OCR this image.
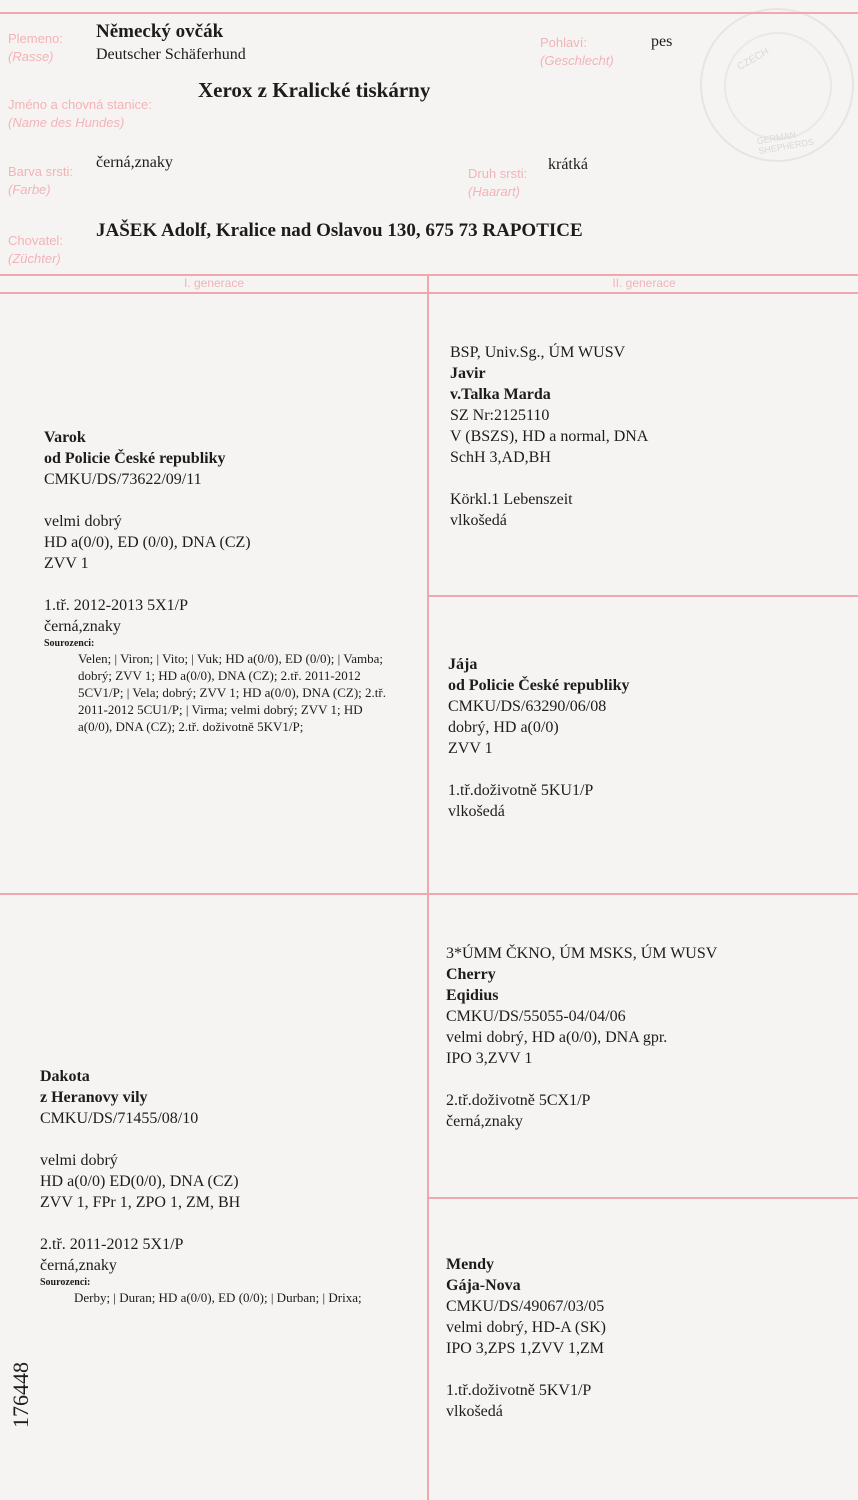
CZECH
GERMAN SHEPHERDS
Plemeno:
(Rasse)
Německý ovčák
Deutscher Schäferhund
Pohlaví:
(Geschlecht)
pes
Jméno a chovná stanice:
(Name des Hundes)
Xerox z Kralické tiskárny
Barva srsti:
(Farbe)
černá,znaky
Druh srsti:
(Haarart)
krátká
Chovatel:
(Züchter)
JAŠEK Adolf, Kralice nad Oslavou 130, 675 73 RAPOTICE
I. generace	II. generace
Varok
od Policie České republiky
CMKU/DS/73622/09/11
velmi dobrý
HD a(0/0), ED (0/0), DNA (CZ)
ZVV 1
1.tř. 2012-2013 5X1/P
černá,znaky
Sourozenci:
Velen; | Viron; | Vito; | Vuk; HD a(0/0), ED (0/0); | Vamba; dobrý; ZVV 1; HD a(0/0), DNA (CZ); 2.tř. 2011-2012 5CV1/P; | Vela; dobrý; ZVV 1; HD a(0/0), DNA (CZ); 2.tř. 2011-2012 5CU1/P; | Virma; velmi dobrý; ZVV 1; HD a(0/0), DNA (CZ); 2.tř. doživotně 5KV1/P;
BSP, Univ.Sg., ÚM WUSV
Javir
v.Talka Marda
SZ Nr:2125110
V (BSZS), HD a normal, DNA
SchH 3,AD,BH
Körkl.1 Lebenszeit
vlkošedá
Jája
od Policie České republiky
CMKU/DS/63290/06/08
dobrý, HD a(0/0)
ZVV 1
1.tř.doživotně 5KU1/P
vlkošedá
Dakota
z Heranovy vily
CMKU/DS/71455/08/10
velmi dobrý
HD a(0/0) ED(0/0), DNA (CZ)
ZVV 1, FPr 1, ZPO 1, ZM, BH
2.tř. 2011-2012 5X1/P
černá,znaky
Sourozenci:
Derby; | Duran; HD a(0/0), ED (0/0); | Durban; | Drixa;
3*ÚMM ČKNO, ÚM MSKS, ÚM WUSV
Cherry
Eqidius
CMKU/DS/55055-04/04/06
velmi dobrý, HD a(0/0), DNA gpr.
IPO 3,ZVV 1
2.tř.doživotně 5CX1/P
černá,znaky
Mendy
Gája-Nova
CMKU/DS/49067/03/05
velmi dobrý, HD-A (SK)
IPO 3,ZPS 1,ZVV 1,ZM
1.tř.doživotně 5KV1/P
vlkošedá
176448
